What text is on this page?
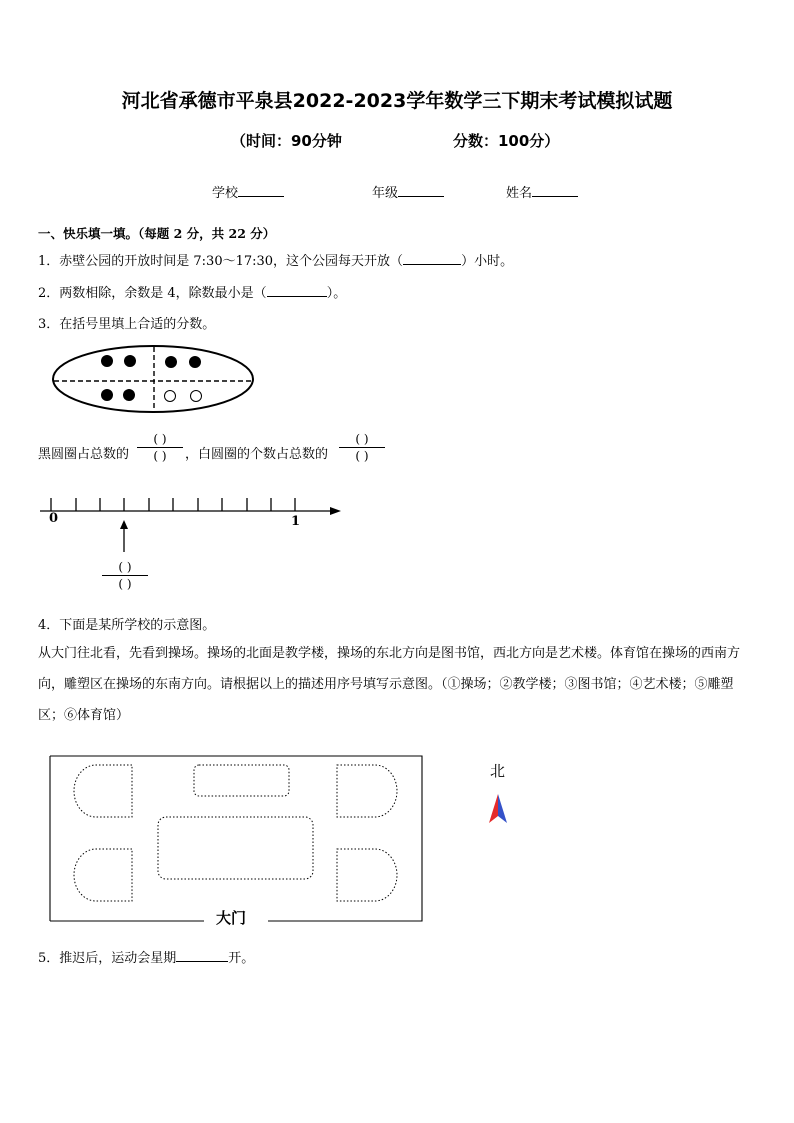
河北省承德市平泉县2022-2023学年数学三下期末考试模拟试题
（时间：90分钟	分数：100分）
学校	年级	姓名
一、快乐填一填。（每题 2 分，共 22 分）
1．赤壁公园的开放时间是 7:30～17:30，这个公园每天开放（	）小时。
2．两数相除，余数是 4，除数最小是（	）。
3．在括号里填上合适的分数。
黑圆圈占总数的
( )
( )	，白圆圈的个数占总数的
( )
( )
0	1
( )
( )
4．下面是某所学校的示意图。
从大门往北看，先看到操场。操场的北面是教学楼，操场的东北方向是图书馆，西北方向是艺术楼。体育馆在操场的西南方向，雕塑区在操场的东南方向。请根据以上的描述用序号填写示意图。（①操场；②教学楼；③图书馆；④艺术楼；⑤雕塑区；⑥体育馆）
大门
北
5．推迟后，运动会星期	开。
